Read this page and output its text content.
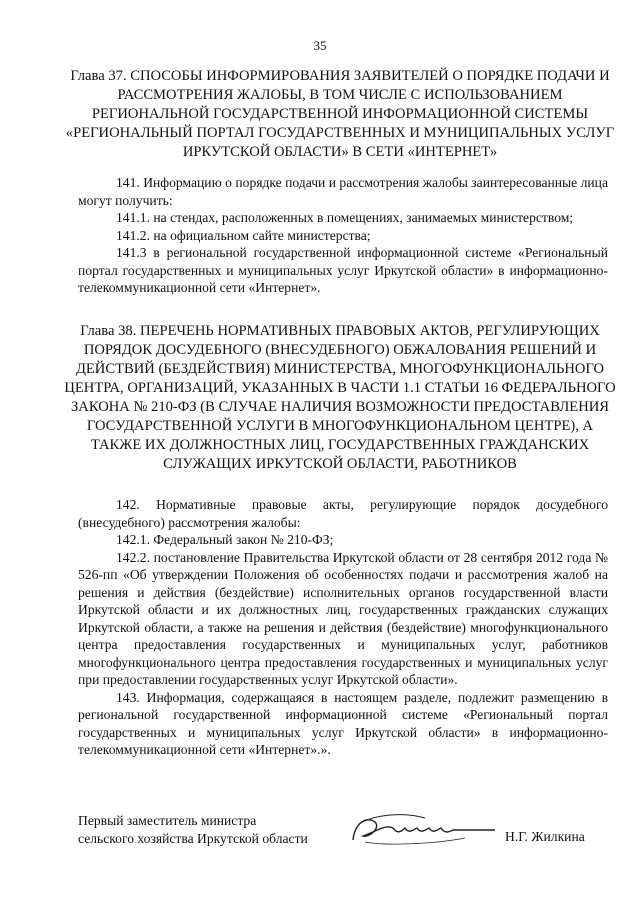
35
Глава 37. СПОСОБЫ ИНФОРМИРОВАНИЯ ЗАЯВИТЕЛЕЙ О ПОРЯДКЕ ПОДАЧИ И РАССМОТРЕНИЯ ЖАЛОБЫ, В ТОМ ЧИСЛЕ С ИСПОЛЬЗОВАНИЕМ РЕГИОНАЛЬНОЙ ГОСУДАРСТВЕННОЙ ИНФОРМАЦИОННОЙ СИСТЕМЫ «РЕГИОНАЛЬНЫЙ ПОРТАЛ ГОСУДАРСТВЕННЫХ И МУНИЦИПАЛЬНЫХ УСЛУГ ИРКУТСКОЙ ОБЛАСТИ» В СЕТИ «ИНТЕРНЕТ»

141. Информацию о порядке подачи и рассмотрения жалобы заинтересованные лица могут получить:

141.1. на стендах, расположенных в помещениях, занимаемых министерством;

141.2. на официальном сайте министерства;

141.3 в региональной государственной информационной системе «Региональный портал государственных и муниципальных услуг Иркутской области» в информационно-телекоммуникационной сети «Интернет».

Глава 38. ПЕРЕЧЕНЬ НОРМАТИВНЫХ ПРАВОВЫХ АКТОВ, РЕГУЛИРУЮЩИХ ПОРЯДОК ДОСУДЕБНОГО (ВНЕСУДЕБНОГО) ОБЖАЛОВАНИЯ РЕШЕНИЙ И ДЕЙСТВИЙ (БЕЗДЕЙСТВИЯ) МИНИСТЕРСТВА, МНОГОФУНКЦИОНАЛЬНОГО ЦЕНТРА, ОРГАНИЗАЦИЙ, УКАЗАННЫХ В ЧАСТИ 1.1 СТАТЬИ 16 ФЕДЕРАЛЬНОГО ЗАКОНА № 210-ФЗ (В СЛУЧАЕ НАЛИЧИЯ ВОЗМОЖНОСТИ ПРЕДОСТАВЛЕНИЯ ГОСУДАРСТВЕННОЙ УСЛУГИ В МНОГОФУНКЦИОНАЛЬНОМ ЦЕНТРЕ), А ТАКЖЕ ИХ ДОЛЖНОСТНЫХ ЛИЦ, ГОСУДАРСТВЕННЫХ ГРАЖДАНСКИХ СЛУЖАЩИХ ИРКУТСКОЙ ОБЛАСТИ, РАБОТНИКОВ

142. Нормативные правовые акты, регулирующие порядок досудебного (внесудебного) рассмотрения жалобы:

142.1. Федеральный закон № 210-ФЗ;

142.2. постановление Правительства Иркутской области от 28 сентября 2012 года № 526-пп «Об утверждении Положения об особенностях подачи и рассмотрения жалоб на решения и действия (бездействие) исполнительных органов государственной власти Иркутской области и их должностных лиц, государственных гражданских служащих Иркутской области, а также на решения и действия (бездействие) многофункционального центра предоставления государственных и муниципальных услуг, работников многофункционального центра предоставления государственных и муниципальных услуг при предоставлении государственных услуг Иркутской области».

143. Информация, содержащаяся в настоящем разделе, подлежит размещению в региональной государственной информационной системе «Региональный портал государственных и муниципальных услуг Иркутской области» в информационно-телекоммуникационной сети «Интернет».».

Первый заместитель министра
сельского хозяйства Иркутской области	Н.Г. Жилкина
